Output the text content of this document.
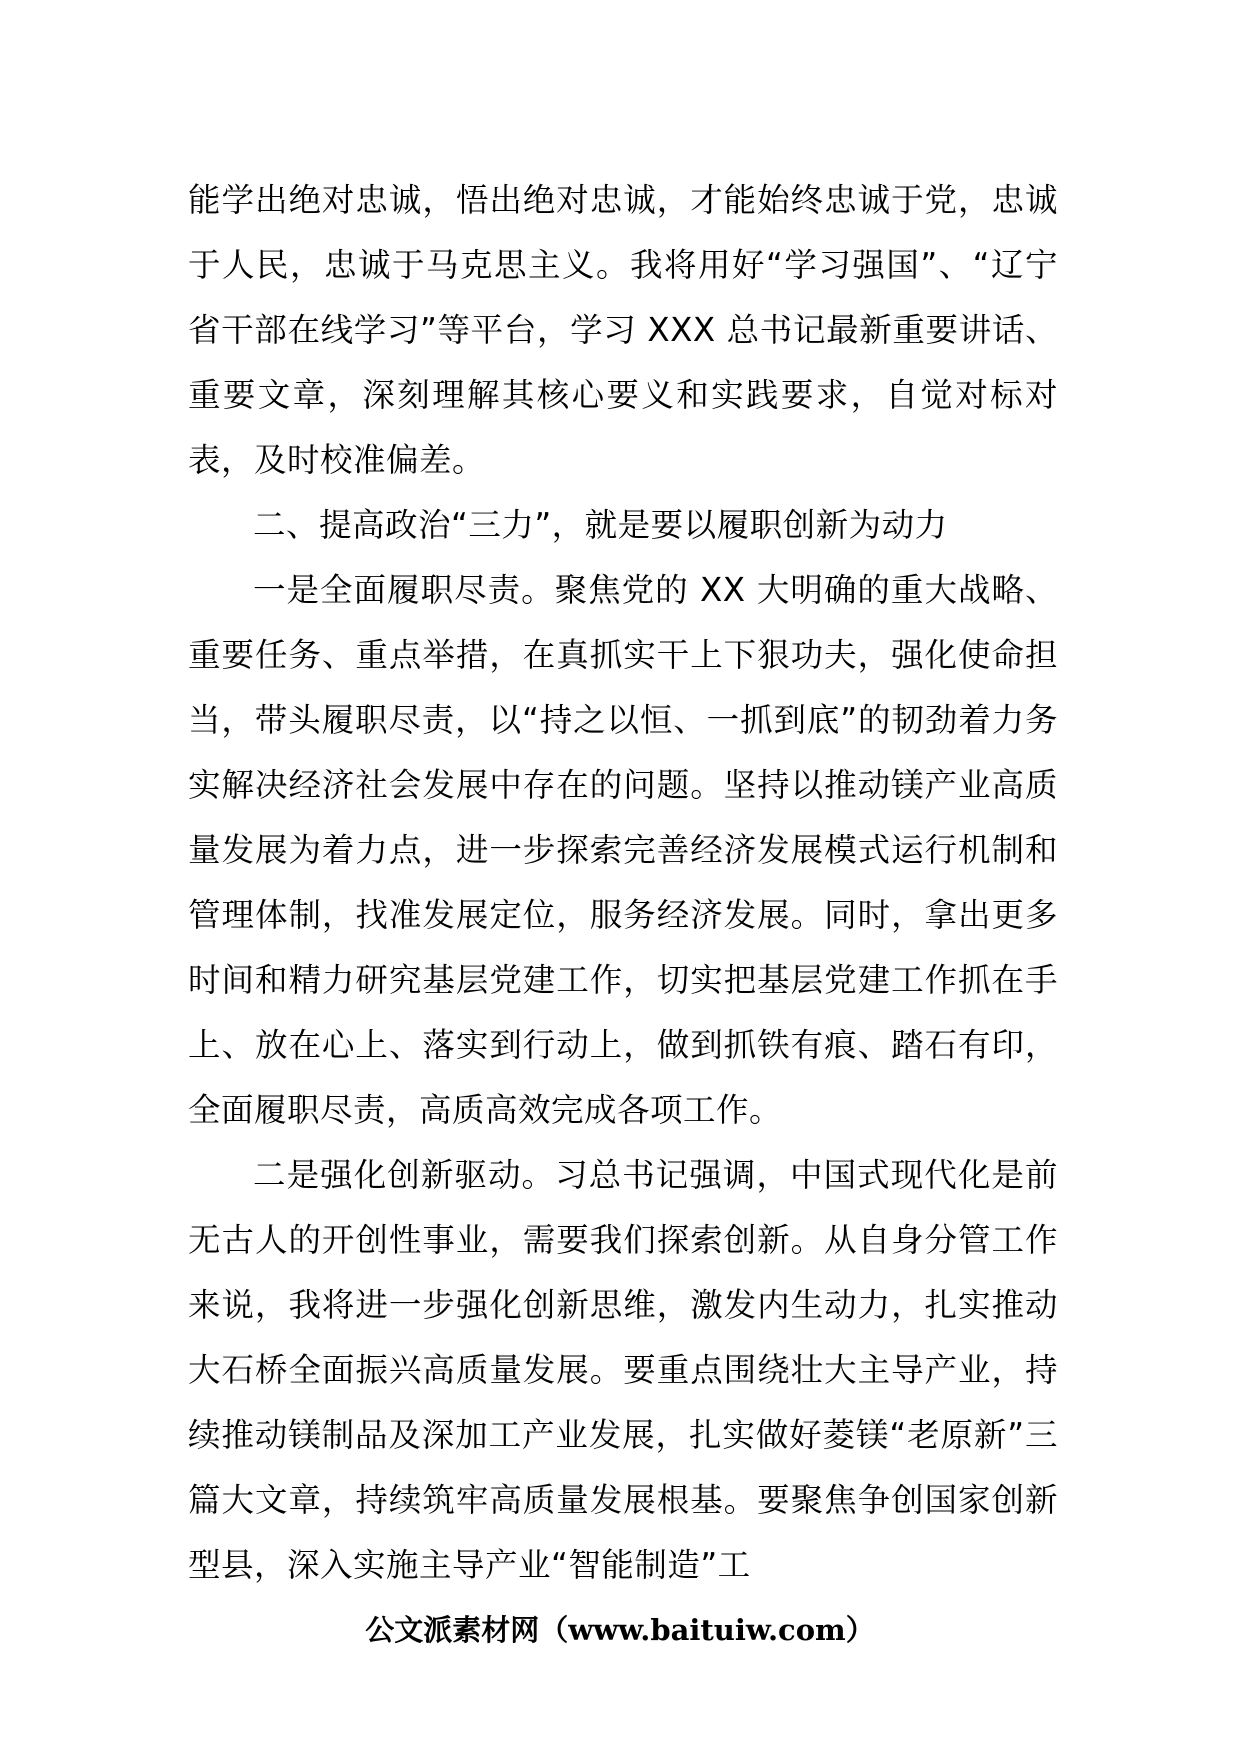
能学出绝对忠诚，悟出绝对忠诚，才能始终忠诚于党，忠诚于人民，忠诚于马克思主义。我将用好“学习强国”、“辽宁省干部在线学习”等平台，学习 XXX 总书记最新重要讲话、重要文章，深刻理解其核心要义和实践要求，自觉对标对表，及时校准偏差。

二、提高政治“三力”，就是要以履职创新为动力

一是全面履职尽责。聚焦党的 XX 大明确的重大战略、重要任务、重点举措，在真抓实干上下狠功夫，强化使命担当，带头履职尽责，以“持之以恒、一抓到底”的韧劲着力务实解决经济社会发展中存在的问题。坚持以推动镁产业高质量发展为着力点，进一步探索完善经济发展模式运行机制和管理体制，找准发展定位，服务经济发展。同时，拿出更多时间和精力研究基层党建工作，切实把基层党建工作抓在手上、放在心上、落实到行动上，做到抓铁有痕、踏石有印，全面履职尽责，高质高效完成各项工作。

二是强化创新驱动。习总书记强调，中国式现代化是前无古人的开创性事业，需要我们探索创新。从自身分管工作来说，我将进一步强化创新思维，激发内生动力，扎实推动大石桥全面振兴高质量发展。要重点围绕壮大主导产业，持续推动镁制品及深加工产业发展，扎实做好菱镁“老原新”三篇大文章，持续筑牢高质量发展根基。要聚焦争创国家创新型县，深入实施主导产业“智能制造”工

公文派素材网（www.baituiw.com）
